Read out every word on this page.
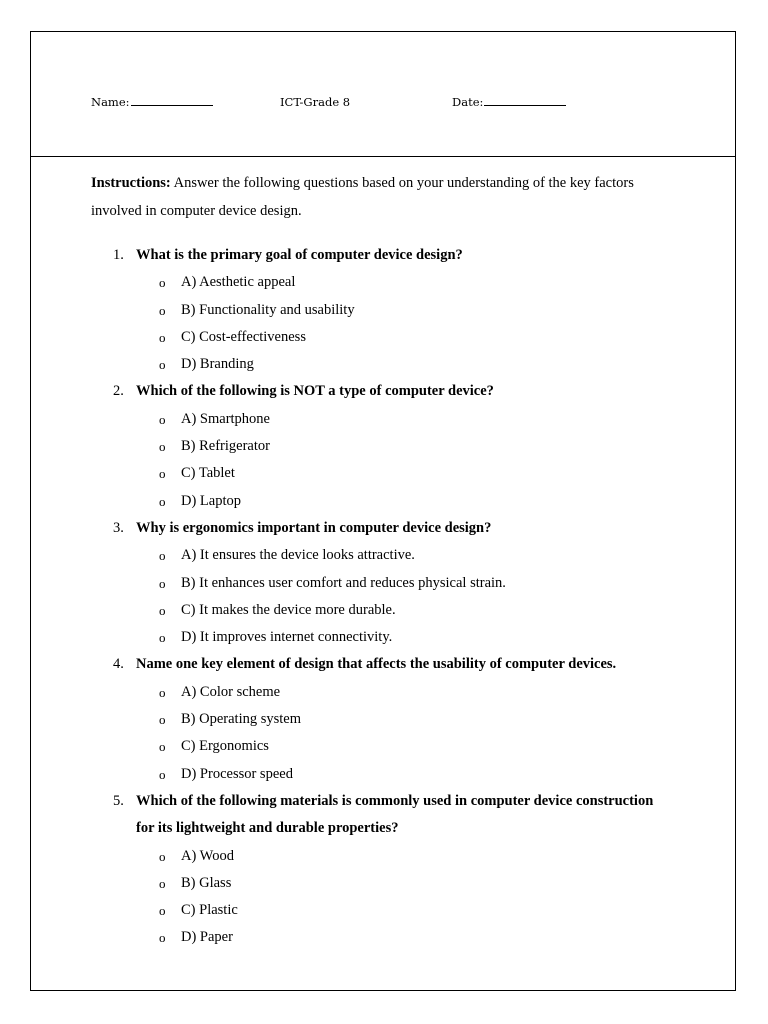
Name:	ICT-Grade 8	Date:

Instructions: Answer the following questions based on your understanding of the key factors involved in computer device design.

1. What is the primary goal of computer device design?
o A) Aesthetic appeal
o B) Functionality and usability
o C) Cost-effectiveness
o D) Branding
2. Which of the following is NOT a type of computer device?
o A) Smartphone
o B) Refrigerator
o C) Tablet
o D) Laptop
3. Why is ergonomics important in computer device design?
o A) It ensures the device looks attractive.
o B) It enhances user comfort and reduces physical strain.
o C) It makes the device more durable.
o D) It improves internet connectivity.
4. Name one key element of design that affects the usability of computer devices.
o A) Color scheme
o B) Operating system
o C) Ergonomics
o D) Processor speed
5. Which of the following materials is commonly used in computer device construction for its lightweight and durable properties?
o A) Wood
o B) Glass
o C) Plastic
o D) Paper
